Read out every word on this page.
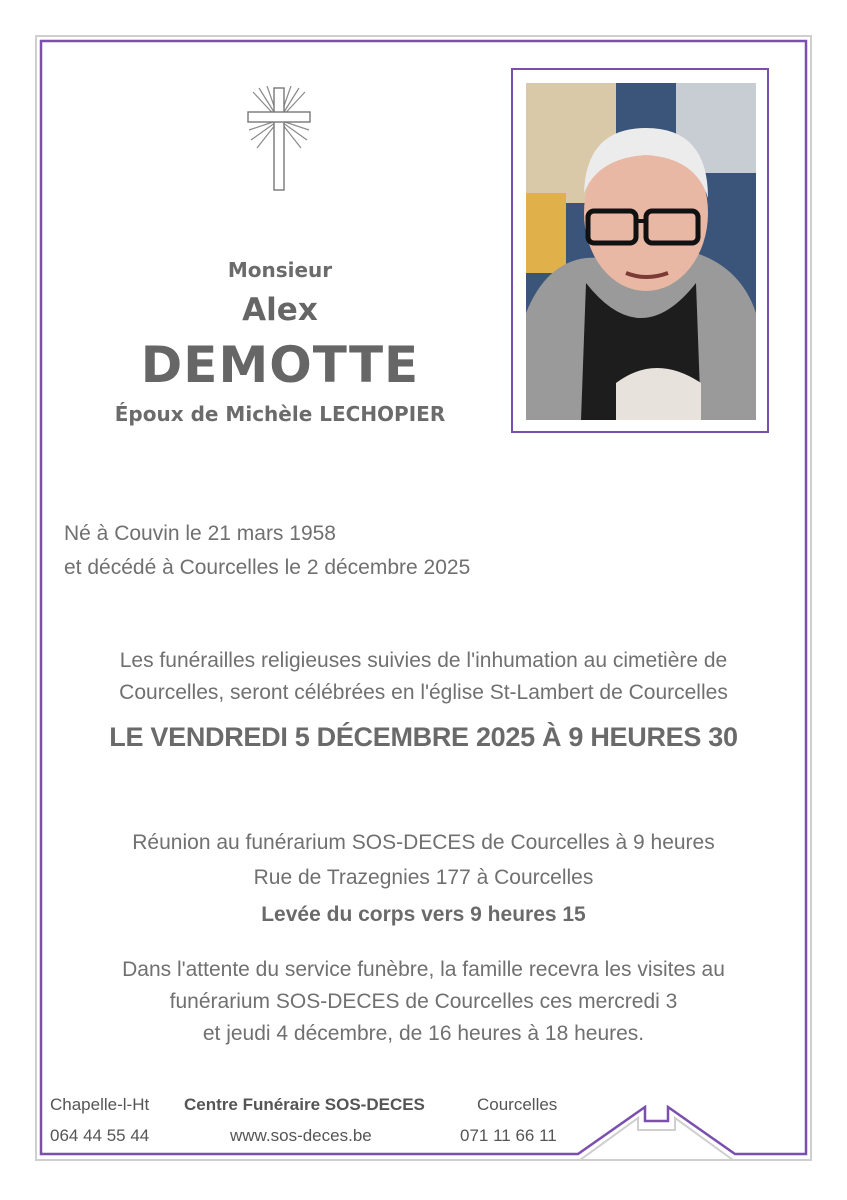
Monsieur
Alex
DEMOTTE
Époux de Michèle LECHOPIER
Né à Couvin le 21 mars 1958
et décédé à Courcelles le 2 décembre 2025
Les funérailles religieuses suivies de l'inhumation au cimetière de
Courcelles, seront célébrées en l'église St-Lambert de Courcelles
LE VENDREDI 5 DÉCEMBRE 2025 À 9 HEURES 30
Réunion au funérarium SOS-DECES de Courcelles à 9 heures
Rue de Trazegnies 177 à Courcelles
Levée du corps vers 9 heures 15
Dans l'attente du service funèbre, la famille recevra les visites au
funérarium SOS-DECES de Courcelles ces mercredi 3
et jeudi 4 décembre, de 16 heures à 18 heures.
Chapelle-l-Ht
064 44 55 44
Centre Funéraire SOS-DECES
www.sos-deces.be
Courcelles
071 11 66 11
